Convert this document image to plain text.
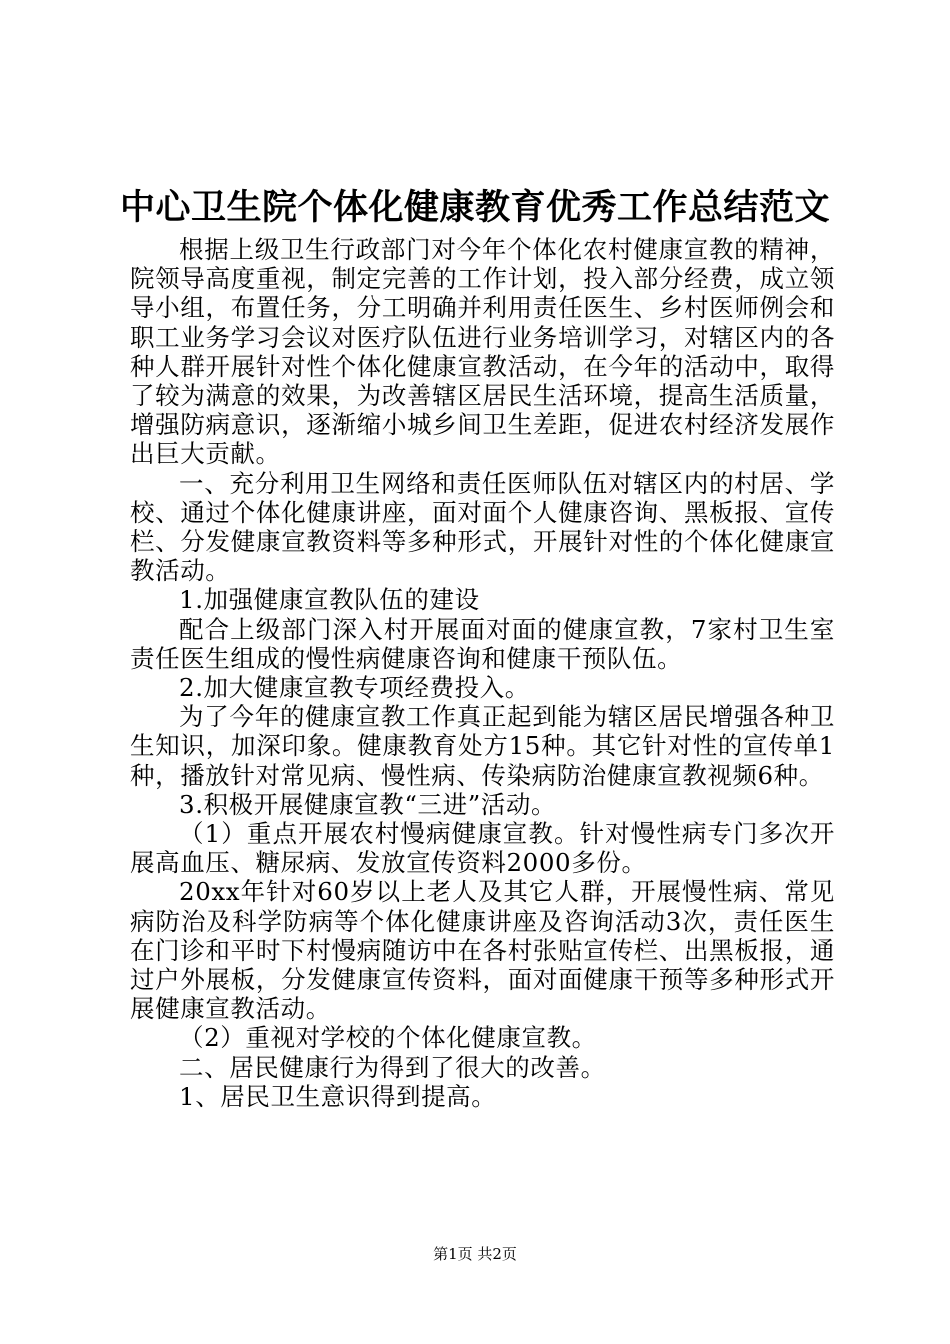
中心卫生院个体化健康教育优秀工作总结范文

根据上级卫生行政部门对今年个体化农村健康宣教的精神，院领导高度重视，制定完善的工作计划，投入部分经费，成立领导小组，布置任务，分工明确并利用责任医生、乡村医师例会和职工业务学习会议对医疗队伍进行业务培训学习，对辖区内的各种人群开展针对性个体化健康宣教活动，在今年的活动中，取得了较为满意的效果，为改善辖区居民生活环境，提高生活质量，增强防病意识，逐渐缩小城乡间卫生差距，促进农村经济发展作出巨大贡献。

一、充分利用卫生网络和责任医师队伍对辖区内的村居、学校、通过个体化健康讲座，面对面个人健康咨询、黑板报、宣传栏、分发健康宣教资料等多种形式，开展针对性的个体化健康宣教活动。

1.加强健康宣教队伍的建设

配合上级部门深入村开展面对面的健康宣教，7家村卫生室责任医生组成的慢性病健康咨询和健康干预队伍。

2.加大健康宣教专项经费投入。

为了今年的健康宣教工作真正起到能为辖区居民增强各种卫生知识，加深印象。健康教育处方15种。其它针对性的宣传单1种，播放针对常见病、慢性病、传染病防治健康宣教视频6种。

3.积极开展健康宣教“三进”活动。

（1）重点开展农村慢病健康宣教。针对慢性病专门多次开展高血压、糖尿病、发放宣传资料2000多份。

20xx年针对60岁以上老人及其它人群，开展慢性病、常见病防治及科学防病等个体化健康讲座及咨询活动3次，责任医生在门诊和平时下村慢病随访中在各村张贴宣传栏、出黑板报，通过户外展板，分发健康宣传资料，面对面健康干预等多种形式开展健康宣教活动。

（2）重视对学校的个体化健康宣教。

二、居民健康行为得到了很大的改善。

1、居民卫生意识得到提高。

第1页 共2页
